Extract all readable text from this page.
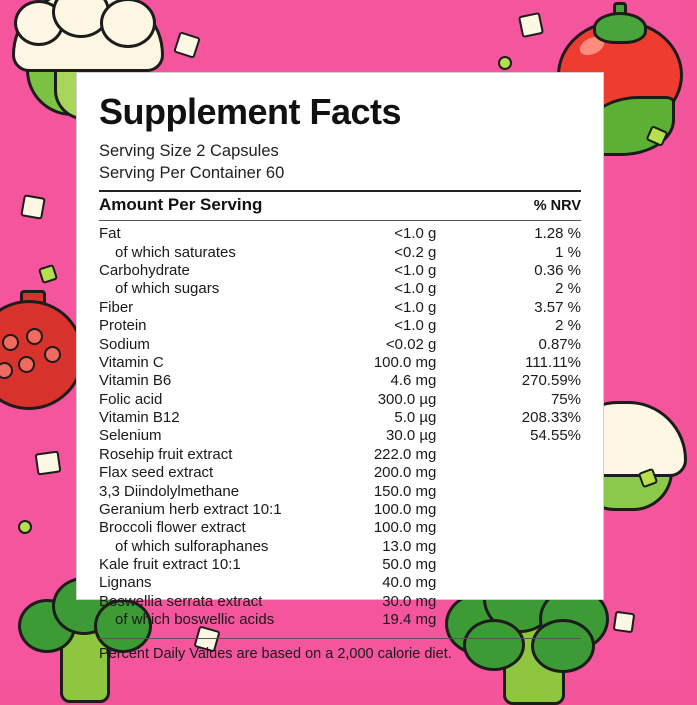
Supplement Facts
Serving Size 2 Capsules
Serving Per Container 60
Amount Per Serving	% NRV
Fat	<1.0 g	1.28 %
of which saturates	<0.2 g	1 %
Carbohydrate	<1.0 g	0.36 %
of which sugars	<1.0 g	2 %
Fiber	<1.0 g	3.57 %
Protein	<1.0 g	2 %
Sodium	<0.02 g	0.87%
Vitamin C	100.0 mg	111.11%
Vitamin B6	4.6 mg	270.59%
Folic acid	300.0 µg	75%
Vitamin B12	5.0 µg	208.33%
Selenium	30.0 µg	54.55%
Rosehip fruit extract	222.0 mg	
Flax seed extract	200.0 mg	
3,3 Diindolylmethane	150.0 mg	
Geranium herb extract 10:1	100.0 mg	
Broccoli flower extract	100.0 mg	
of which sulforaphanes	13.0 mg	
Kale fruit extract 10:1	50.0 mg	
Lignans	40.0 mg	
Boswellia serrata extract	30.0 mg	
of which boswellic acids	19.4 mg	
Percent Daily Values are based on a 2,000 calorie diet.
